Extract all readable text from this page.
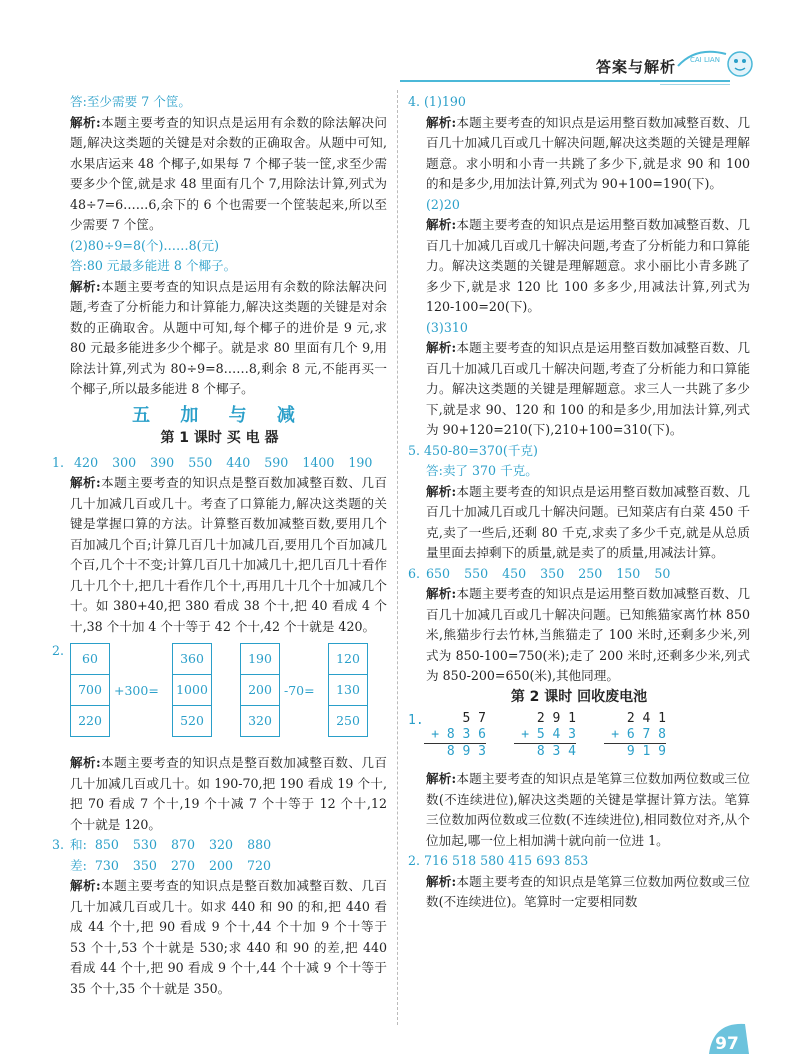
答案与解析 CAI LIAN

答:至少需要 7 个筐。

解析:本题主要考查的知识点是运用有余数的除法解决问题,解决这类题的关键是对余数的正确取舍。从题中可知,水果店运来 48 个椰子,如果每 7 个椰子装一筐,求至少需要多少个筐,就是求 48 里面有几个 7,用除法计算,列式为 48÷7=6……6,余下的 6 个也需要一个筐装起来,所以至少需要 7 个筐。

(2)80÷9=8(个)……8(元)

答:80 元最多能进 8 个椰子。

解析:本题主要考查的知识点是运用有余数的除法解决问题,考查了分析能力和计算能力,解决这类题的关键是对余数的正确取舍。从题中可知,每个椰子的进价是 9 元,求 80 元最多能进多少个椰子。就是求 80 里面有几个 9,用除法计算,列式为 80÷9=8……8,剩余 8 元,不能再买一个椰子,所以最多能进 8 个椰子。

五 加 与 减
第 1 课时 买 电 器

1. 420 300 390 550 440 590 1400 190

解析:本题主要考查的知识点是整百数加减整百数、几百几十加减几百或几十。考查了口算能力,解决这类题的关键是掌握口算的方法。计算整百数加减整百数,要用几个百加减几个百;计算几百几十加减几百,要用几个百加减几个百,几个十不变;计算几百几十加减几十,把几百几十看作几十几个十,把几十看作几个十,再用几十几个十加减几个十。如 380+40,把 380 看成 38 个十,把 40 看成 4 个十,38 个十加 4 个十等于 42 个十,42 个十就是 420。

2.
60
700
220
+300=
360
1000
520
190
200
320
-70=
120
130
250

解析:本题主要考查的知识点是整百数加减整百数、几百几十加减几百或几十。如 190-70,把 190 看成 19 个十,把 70 看成 7 个十,19 个十减 7 个十等于 12 个十,12 个十就是 120。

3. 和: 850 530 870 320 880

差: 730 350 270 200 720

解析:本题主要考查的知识点是整百数加减整百数、几百几十加减几百或几十。如求 440 和 90 的和,把 440 看成 44 个十,把 90 看成 9 个十,44 个十加 9 个十等于 53 个十,53 个十就是 530;求 440 和 90 的差,把 440 看成 44 个十,把 90 看成 9 个十,44 个十减 9 个十等于 35 个十,35 个十就是 350。

4. (1)190

解析:本题主要考查的知识点是运用整百数加减整百数、几百几十加减几百或几十解决问题,解决这类题的关键是理解题意。求小明和小青一共跳了多少下,就是求 90 和 100 的和是多少,用加法计算,列式为 90+100=190(下)。

(2)20

解析:本题主要考查的知识点是运用整百数加减整百数、几百几十加减几百或几十解决问题,考查了分析能力和口算能力。解决这类题的关键是理解题意。求小丽比小青多跳了多少下,就是求 120 比 100 多多少,用减法计算,列式为 120-100=20(下)。

(3)310

解析:本题主要考查的知识点是运用整百数加减整百数、几百几十加减几百或几十解决问题,考查了分析能力和口算能力。解决这类题的关键是理解题意。求三人一共跳了多少下,就是求 90、120 和 100 的和是多少,用加法计算,列式为 90+120=210(下),210+100=310(下)。

5. 450-80=370(千克)

答:卖了 370 千克。

解析:本题主要考查的知识点是运用整百数加减整百数、几百几十加减几百或几十解决问题。已知菜店有白菜 450 千克,卖了一些后,还剩 80 千克,求卖了多少千克,就是从总质量里面去掉剩下的质量,就是卖了的质量,用减法计算。

6. 650 550 450 350 250 150 50

解析:本题主要考查的知识点是运用整百数加减整百数、几百几十加减几百或几十解决问题。已知熊猫家离竹林 850 米,熊猫步行去竹林,当熊猫走了 100 米时,还剩多少米,列式为 850-100=750(米);走了 200 米时,还剩多少米,列式为 850-200=650(米),其他同理。

第 2 课时 回收废电池
1.	5 7
+ 8 3 6
8 9 3
2 9 1
+ 5 4 3
8 3 4
2 4 1
+ 6 7 8
9 1 9

解析:本题主要考查的知识点是笔算三位数加两位数或三位数(不连续进位),解决这类题的关键是掌握计算方法。笔算三位数加两位数或三位数(不连续进位),相同数位对齐,从个位加起,哪一位上相加满十就向前一位进 1。

2. 716 518 580 415 693 853

解析:本题主要考查的知识点是笔算三位数加两位数或三位数(不连续进位)。笔算时一定要相同数

97
